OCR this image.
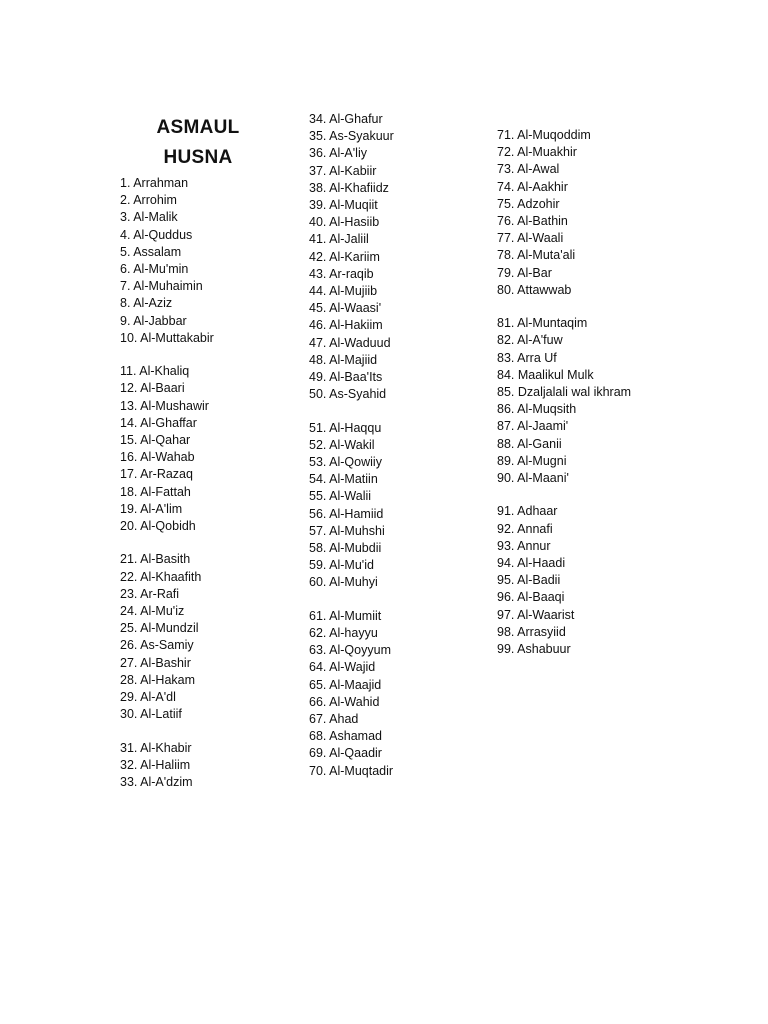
ASMAUL
HUSNA
1. Arrahman
2. Arrohim
3. Al-Malik
4. Al-Quddus
5. Assalam
6. Al-Mu'min
7. Al-Muhaimin
8. Al-Aziz
9. Al-Jabbar
10. Al-Muttakabir
11. Al-Khaliq
12. Al-Baari
13. Al-Mushawir
14. Al-Ghaffar
15. Al-Qahar
16. Al-Wahab
17. Ar-Razaq
18. Al-Fattah
19. Al-A'lim
20. Al-Qobidh
21. Al-Basith
22. Al-Khaafith
23. Ar-Rafi
24. Al-Mu'iz
25. Al-Mundzil
26. As-Samiy
27. Al-Bashir
28. Al-Hakam
29. Al-A'dl
30. Al-Latiif
31. Al-Khabir
32. Al-Haliim
33. Al-A'dzim
34. Al-Ghafur
35. As-Syakuur
36. Al-A'liy
37. Al-Kabiir
38. Al-Khafiidz
39. Al-Muqiit
40. Al-Hasiib
41. Al-Jaliil
42. Al-Kariim
43. Ar-raqib
44. Al-Mujiib
45. Al-Waasi'
46. Al-Hakiim
47. Al-Waduud
48. Al-Majiid
49. Al-Baa'Its
50. As-Syahid
51. Al-Haqqu
52. Al-Wakil
53. Al-Qowiiy
54. Al-Matiin
55. Al-Walii
56. Al-Hamiid
57. Al-Muhshi
58. Al-Mubdii
59. Al-Mu'id
60. Al-Muhyi
61. Al-Mumiit
62. Al-hayyu
63. Al-Qoyyum
64. Al-Wajid
65. Al-Maajid
66. Al-Wahid
67. Ahad
68. Ashamad
69. Al-Qaadir
70. Al-Muqtadir
71. Al-Muqoddim
72. Al-Muakhir
73. Al-Awal
74. Al-Aakhir
75. Adzohir
76. Al-Bathin
77. Al-Waali
78. Al-Muta'ali
79. Al-Bar
80. Attawwab
81. Al-Muntaqim
82. Al-A'fuw
83. Arra Uf
84. Maalikul Mulk
85. Dzaljalali wal ikhram
86. Al-Muqsith
87. Al-Jaami'
88. Al-Ganii
89. Al-Mugni
90. Al-Maani'
91. Adhaar
92. Annafi
93. Annur
94. Al-Haadi
95. Al-Badii
96. Al-Baaqi
97. Al-Waarist
98. Arrasyiid
99. Ashabuur
